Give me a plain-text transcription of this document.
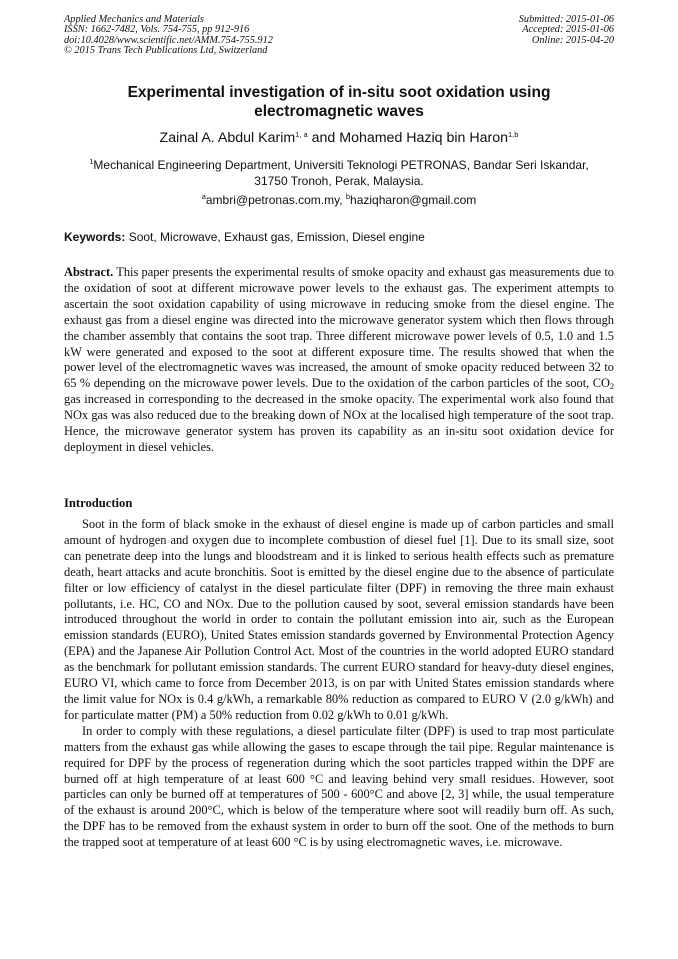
Applied Mechanics and Materials
ISSN: 1662-7482, Vols. 754-755, pp 912-916
doi:10.4028/www.scientific.net/AMM.754-755.912
© 2015 Trans Tech Publications Ltd, Switzerland
Submitted: 2015-01-06
Accepted: 2015-01-06
Online: 2015-04-20
Experimental investigation of in-situ soot oxidation using
electromagnetic waves
Zainal A. Abdul Karim$^{1, a}$ and Mohamed Haziq bin Haron$^{1,b}$
$^1$Mechanical Engineering Department, Universiti Teknologi PETRONAS, Bandar Seri Iskandar,
31750 Tronoh, Perak, Malaysia.
$^a$ambri@petronas.com.my, $^b$haziqharon@gmail.com
Keywords: Soot, Microwave, Exhaust gas, Emission, Diesel engine

Abstract. This paper presents the experimental results of smoke opacity and exhaust gas measurements due to the oxidation of soot at different microwave power levels to the exhaust gas. The experiment attempts to ascertain the soot oxidation capability of using microwave in reducing smoke from the diesel engine. The exhaust gas from a diesel engine was directed into the microwave generator system which then flows through the chamber assembly that contains the soot trap. Three different microwave power levels of 0.5, 1.0 and 1.5 kW were generated and exposed to the soot at different exposure time. The results showed that when the power level of the electromagnetic waves was increased, the amount of smoke opacity reduced between 32 to 65 % depending on the microwave power levels. Due to the oxidation of the carbon particles of the soot, $CO_2$ gas increased in corresponding to the decreased in the smoke opacity. The experimental work also found that NOx gas was also reduced due to the breaking down of NOx at the localised high temperature of the soot trap. Hence, the microwave generator system has proven its capability as an in-situ soot oxidation device for deployment in diesel vehicles.

Introduction

Soot in the form of black smoke in the exhaust of diesel engine is made up of carbon particles and small amount of hydrogen and oxygen due to incomplete combustion of diesel fuel [1]. Due to its small size, soot can penetrate deep into the lungs and bloodstream and it is linked to serious health effects such as premature death, heart attacks and acute bronchitis. Soot is emitted by the diesel engine due to the absence of particulate filter or low efficiency of catalyst in the diesel particulate filter (DPF) in removing the three main exhaust pollutants, i.e. HC, CO and NOx. Due to the pollution caused by soot, several emission standards have been introduced throughout the world in order to contain the pollutant emission into air, such as the European emission standards (EURO), United States emission standards governed by Environmental Protection Agency (EPA) and the Japanese Air Pollution Control Act. Most of the countries in the world adopted EURO standard as the benchmark for pollutant emission standards. The current EURO standard for heavy-duty diesel engines, EURO VI, which came to force from December 2013, is on par with United States emission standards where the limit value for NOx is 0.4 g/kWh, a remarkable 80% reduction as compared to EURO V (2.0 g/kWh) and for particulate matter (PM) a 50% reduction from 0.02 g/kWh to 0.01 g/kWh.

In order to comply with these regulations, a diesel particulate filter (DPF) is used to trap most particulate matters from the exhaust gas while allowing the gases to escape through the tail pipe. Regular maintenance is required for DPF by the process of regeneration during which the soot particles trapped within the DPF are burned off at high temperature of at least 600 °C and leaving behind very small residues. However, soot particles can only be burned off at temperatures of 500 - 600°C and above [2, 3] while, the usual temperature of the exhaust is around 200°C, which is below of the temperature where soot will readily burn off. As such, the DPF has to be removed from the exhaust system in order to burn off the soot. One of the methods to burn the trapped soot at temperature of at least 600 °C is by using electromagnetic waves, i.e. microwave.
